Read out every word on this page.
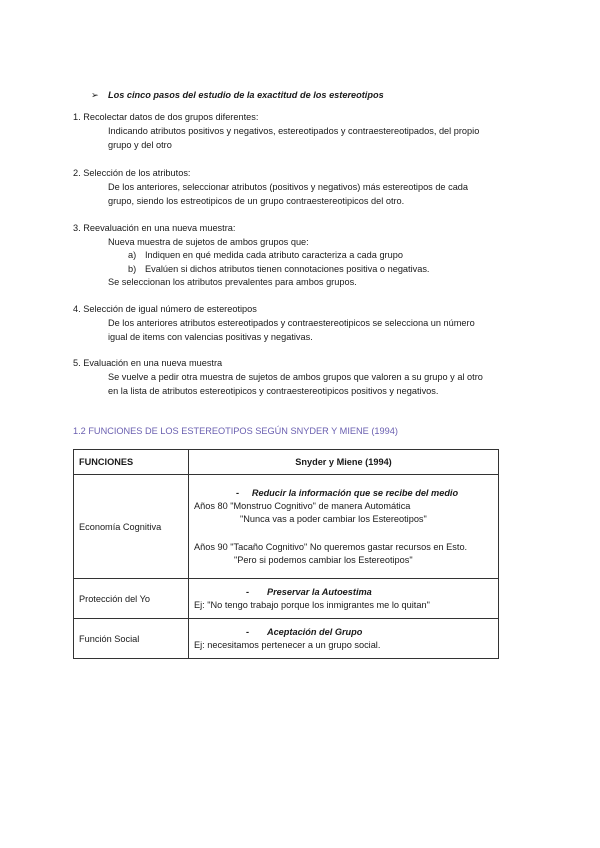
➢ Los cinco pasos del estudio de la exactitud de los estereotipos
1. Recolectar datos de dos grupos diferentes:
Indicando atributos positivos y negativos, estereotipados y contraestereotipados, del propio
grupo y del otro
2. Selección de los atributos:
De los anteriores, seleccionar atributos (positivos y negativos) más estereotipos de cada
grupo, siendo los estreotipicos de un grupo contraestereotipicos del otro.
3. Reevaluación en una nueva muestra:
Nueva muestra de sujetos de ambos grupos que:
a) Indiquen en qué medida cada atributo caracteriza a cada grupo
b) Evalúen si dichos atributos tienen connotaciones positiva o negativas.
Se seleccionan los atributos prevalentes para ambos grupos.
4. Selección de igual número de estereotipos
De los anteriores atributos estereotipados y contraestereotipicos se selecciona un número
igual de items con valencias positivas y negativas.
5. Evaluación en una nueva muestra
Se vuelve a pedir otra muestra de sujetos de ambos grupos que valoren a su grupo y al otro
en la lista de atributos estereotipicos y contraestereotipicos positivos y negativos.
1.2 FUNCIONES DE LOS ESTEREOTIPOS SEGÚN SNYDER Y MIENE (1994)
FUNCIONES	Snyder y Miene (1994)
Economía Cognitiva	-     Reducir la información que se recibe del medio
Años 80 "Monstruo Cognitivo" de manera Automática
"Nunca vas a poder cambiar los Estereotipos"
Años 90 "Tacaño Cognitivo" No queremos gastar recursos en Esto.
"Pero si podemos cambiar los Estereotipos"

Protección del Yo	-       Preservar la Autoestima
Ej: "No tengo trabajo porque los inmigrantes me lo quitan"

Función Social	-       Aceptación del Grupo
Ej: necesitamos pertenecer a un grupo social.
